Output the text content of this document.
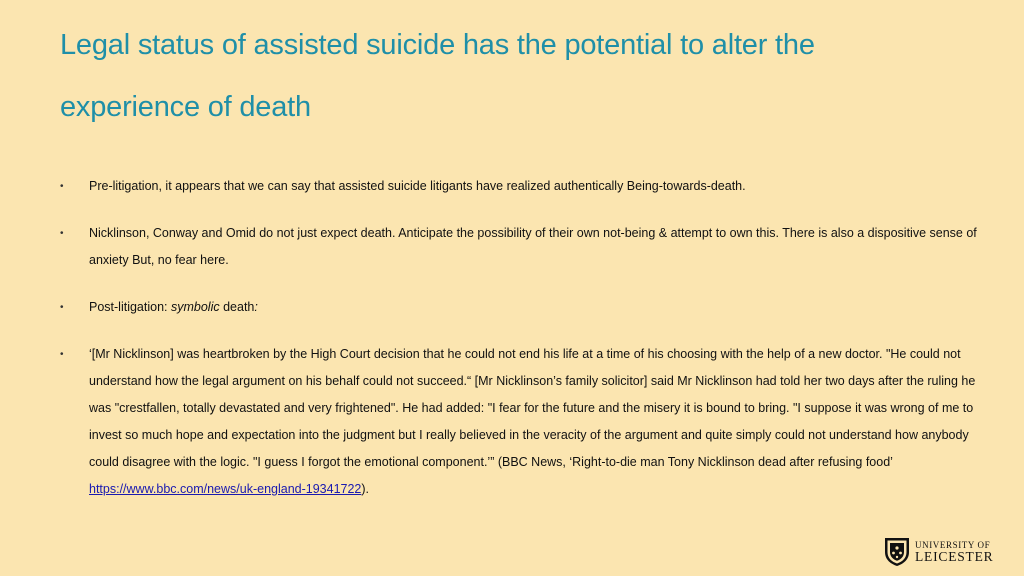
Legal status of assisted suicide has the potential to alter the experience of death
• Pre-litigation, it appears that we can say that assisted suicide litigants have realized authentically Being-towards-death.
• Nicklinson, Conway and Omid do not just expect death. Anticipate the possibility of their own not-being & attempt to own this. There is also a dispositive sense of anxiety But, no fear here.
• Post-litigation: symbolic death:
• ‘[Mr Nicklinson] was heartbroken by the High Court decision that he could not end his life at a time of his choosing with the help of a new doctor. "He could not understand how the legal argument on his behalf could not succeed.“ [Mr Nicklinson’s family solicitor] said Mr Nicklinson had told her two days after the ruling he was "crestfallen, totally devastated and very frightened". He had added: "I fear for the future and the misery it is bound to bring. "I suppose it was wrong of me to invest so much hope and expectation into the judgment but I really believed in the veracity of the argument and quite simply could not understand how anybody could disagree with the logic. "I guess I forgot the emotional component.’” (BBC News, ‘Right-to-die man Tony Nicklinson dead after refusing food’ https://www.bbc.com/news/uk-england-19341722).
UNIVERSITY OF
LEICESTER
